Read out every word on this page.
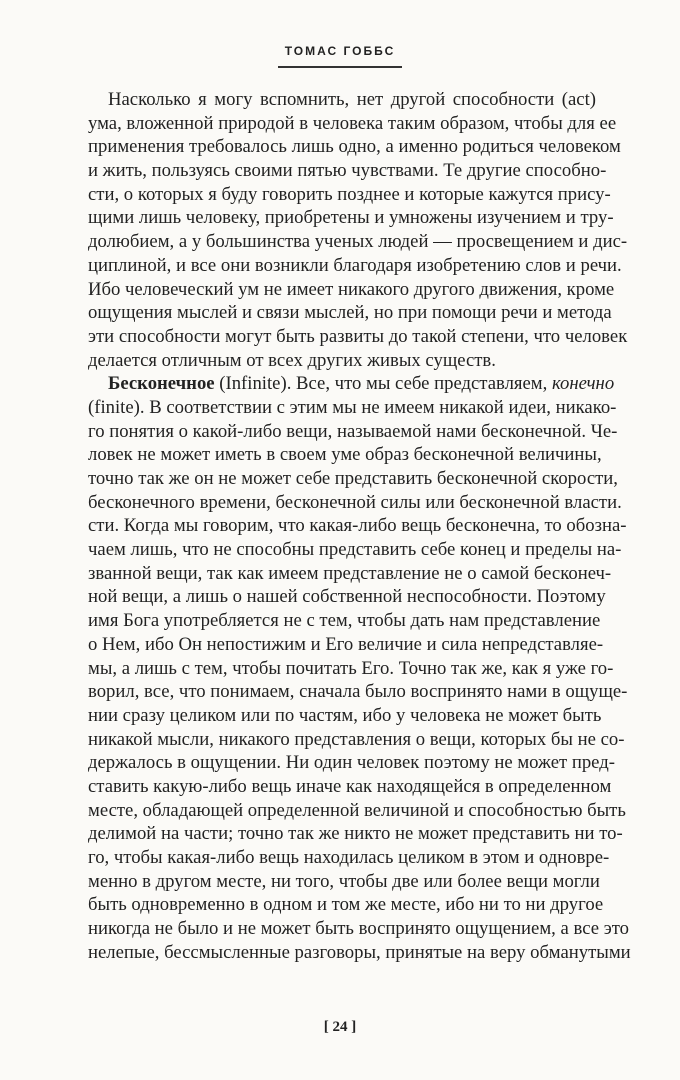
ТОМАС ГОББС
Насколько я могу вспомнить, нет другой способности (act)
ума, вложенной природой в человека таким образом, чтобы для ее
применения требовалось лишь одно, а именно родиться человеком
и жить, пользуясь своими пятью чувствами. Те другие способно-
сти, о которых я буду говорить позднее и которые кажутся прису-
щими лишь человеку, приобретены и умножены изучением и тру-
долюбием, а у большинства ученых людей — просвещением и дис-
циплиной, и все они возникли благодаря изобретению слов и речи.
Ибо человеческий ум не имеет никакого другого движения, кроме
ощущения мыслей и связи мыслей, но при помощи речи и метода
эти способности могут быть развиты до такой степени, что человек
делается отличным от всех других живых существ.
Бесконечное (Infinite). Все, что мы себе представляем, конечно
(finite). В соответствии с этим мы не имеем никакой идеи, никако-
го понятия о какой-либо вещи, называемой нами бесконечной. Че-
ловек не может иметь в своем уме образ бесконечной величины,
точно так же он не может себе представить бесконечной скорости,
бесконечного времени, бесконечной силы или бесконечной власти.
сти. Когда мы говорим, что какая-либо вещь бесконечна, то обозна-
чаем лишь, что не способны представить себе конец и пределы на-
званной вещи, так как имеем представление не о самой бесконеч-
ной вещи, а лишь о нашей собственной неспособности. Поэтому
имя Бога употребляется не с тем, чтобы дать нам представление
о Нем, ибо Он непостижим и Его величие и сила непредставляе-
мы, а лишь с тем, чтобы почитать Его. Точно так же, как я уже го-
ворил, все, что понимаем, сначала было воспринято нами в ощуще-
нии сразу целиком или по частям, ибо у человека не может быть
никакой мысли, никакого представления о вещи, которых бы не со-
держалось в ощущении. Ни один человек поэтому не может пред-
ставить какую-либо вещь иначе как находящейся в определенном
месте, обладающей определенной величиной и способностью быть
делимой на части; точно так же никто не может представить ни то-
го, чтобы какая-либо вещь находилась целиком в этом и одновре-
менно в другом месте, ни того, чтобы две или более вещи могли
быть одновременно в одном и том же месте, ибо ни то ни другое
никогда не было и не может быть воспринято ощущением, а все это
нелепые, бессмысленные разговоры, принятые на веру обманутыми
[ 24 ]
